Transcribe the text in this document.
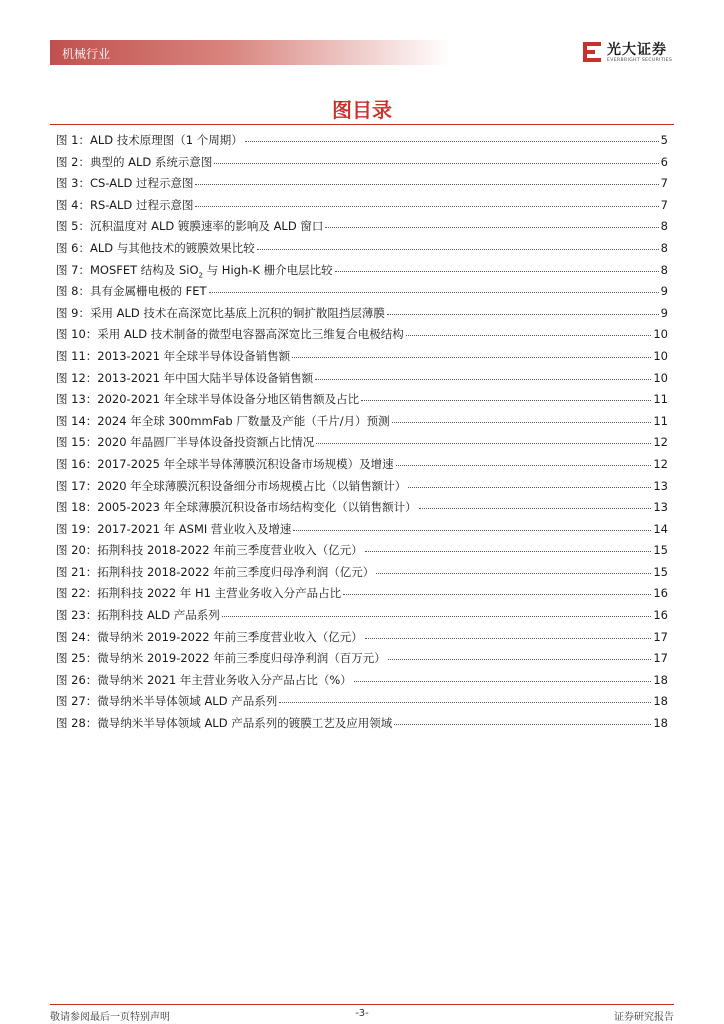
机械行业	光大证券
EVERBRIGHT SECURITIES
图目录
图 1：ALD 技术原理图（1 个周期）	5
图 2：典型的 ALD 系统示意图	6
图 3：CS-ALD 过程示意图	7
图 4：RS-ALD 过程示意图	7
图 5：沉积温度对 ALD 镀膜速率的影响及 ALD 窗口	8
图 6：ALD 与其他技术的镀膜效果比较	8
图 7：MOSFET 结构及 SiO$_2$ 与 High-K 栅介电层比较	8
图 8：具有金属栅电极的 FET	9
图 9：采用 ALD 技术在高深宽比基底上沉积的铜扩散阻挡层薄膜	9
图 10：采用 ALD 技术制备的微型电容器高深宽比三维复合电极结构	10
图 11：2013-2021 年全球半导体设备销售额	10
图 12：2013-2021 年中国大陆半导体设备销售额	10
图 13：2020-2021 年全球半导体设备分地区销售额及占比	11
图 14：2024 年全球 300mmFab 厂数量及产能（千片/月）预测	11
图 15：2020 年晶圆厂半导体设备投资额占比情况	12
图 16：2017-2025 年全球半导体薄膜沉积设备市场规模）及增速	12
图 17：2020 年全球薄膜沉积设备细分市场规模占比（以销售额计）	13
图 18：2005-2023 年全球薄膜沉积设备市场结构变化（以销售额计）	13
图 19：2017-2021 年 ASMI 营业收入及增速	14
图 20：拓荆科技 2018-2022 年前三季度营业收入（亿元）	15
图 21：拓荆科技 2018-2022 年前三季度归母净利润（亿元）	15
图 22：拓荆科技 2022 年 H1 主营业务收入分产品占比	16
图 23：拓荆科技 ALD 产品系列	16
图 24：微导纳米 2019-2022 年前三季度营业收入（亿元）	17
图 25：微导纳米 2019-2022 年前三季度归母净利润（百万元）	17
图 26：微导纳米 2021 年主营业务收入分产品占比（%）	18
图 27：微导纳米半导体领域 ALD 产品系列	18
图 28：微导纳米半导体领域 ALD 产品系列的镀膜工艺及应用领域	18
敬请参阅最后一页特别声明	-3-	证券研究报告
